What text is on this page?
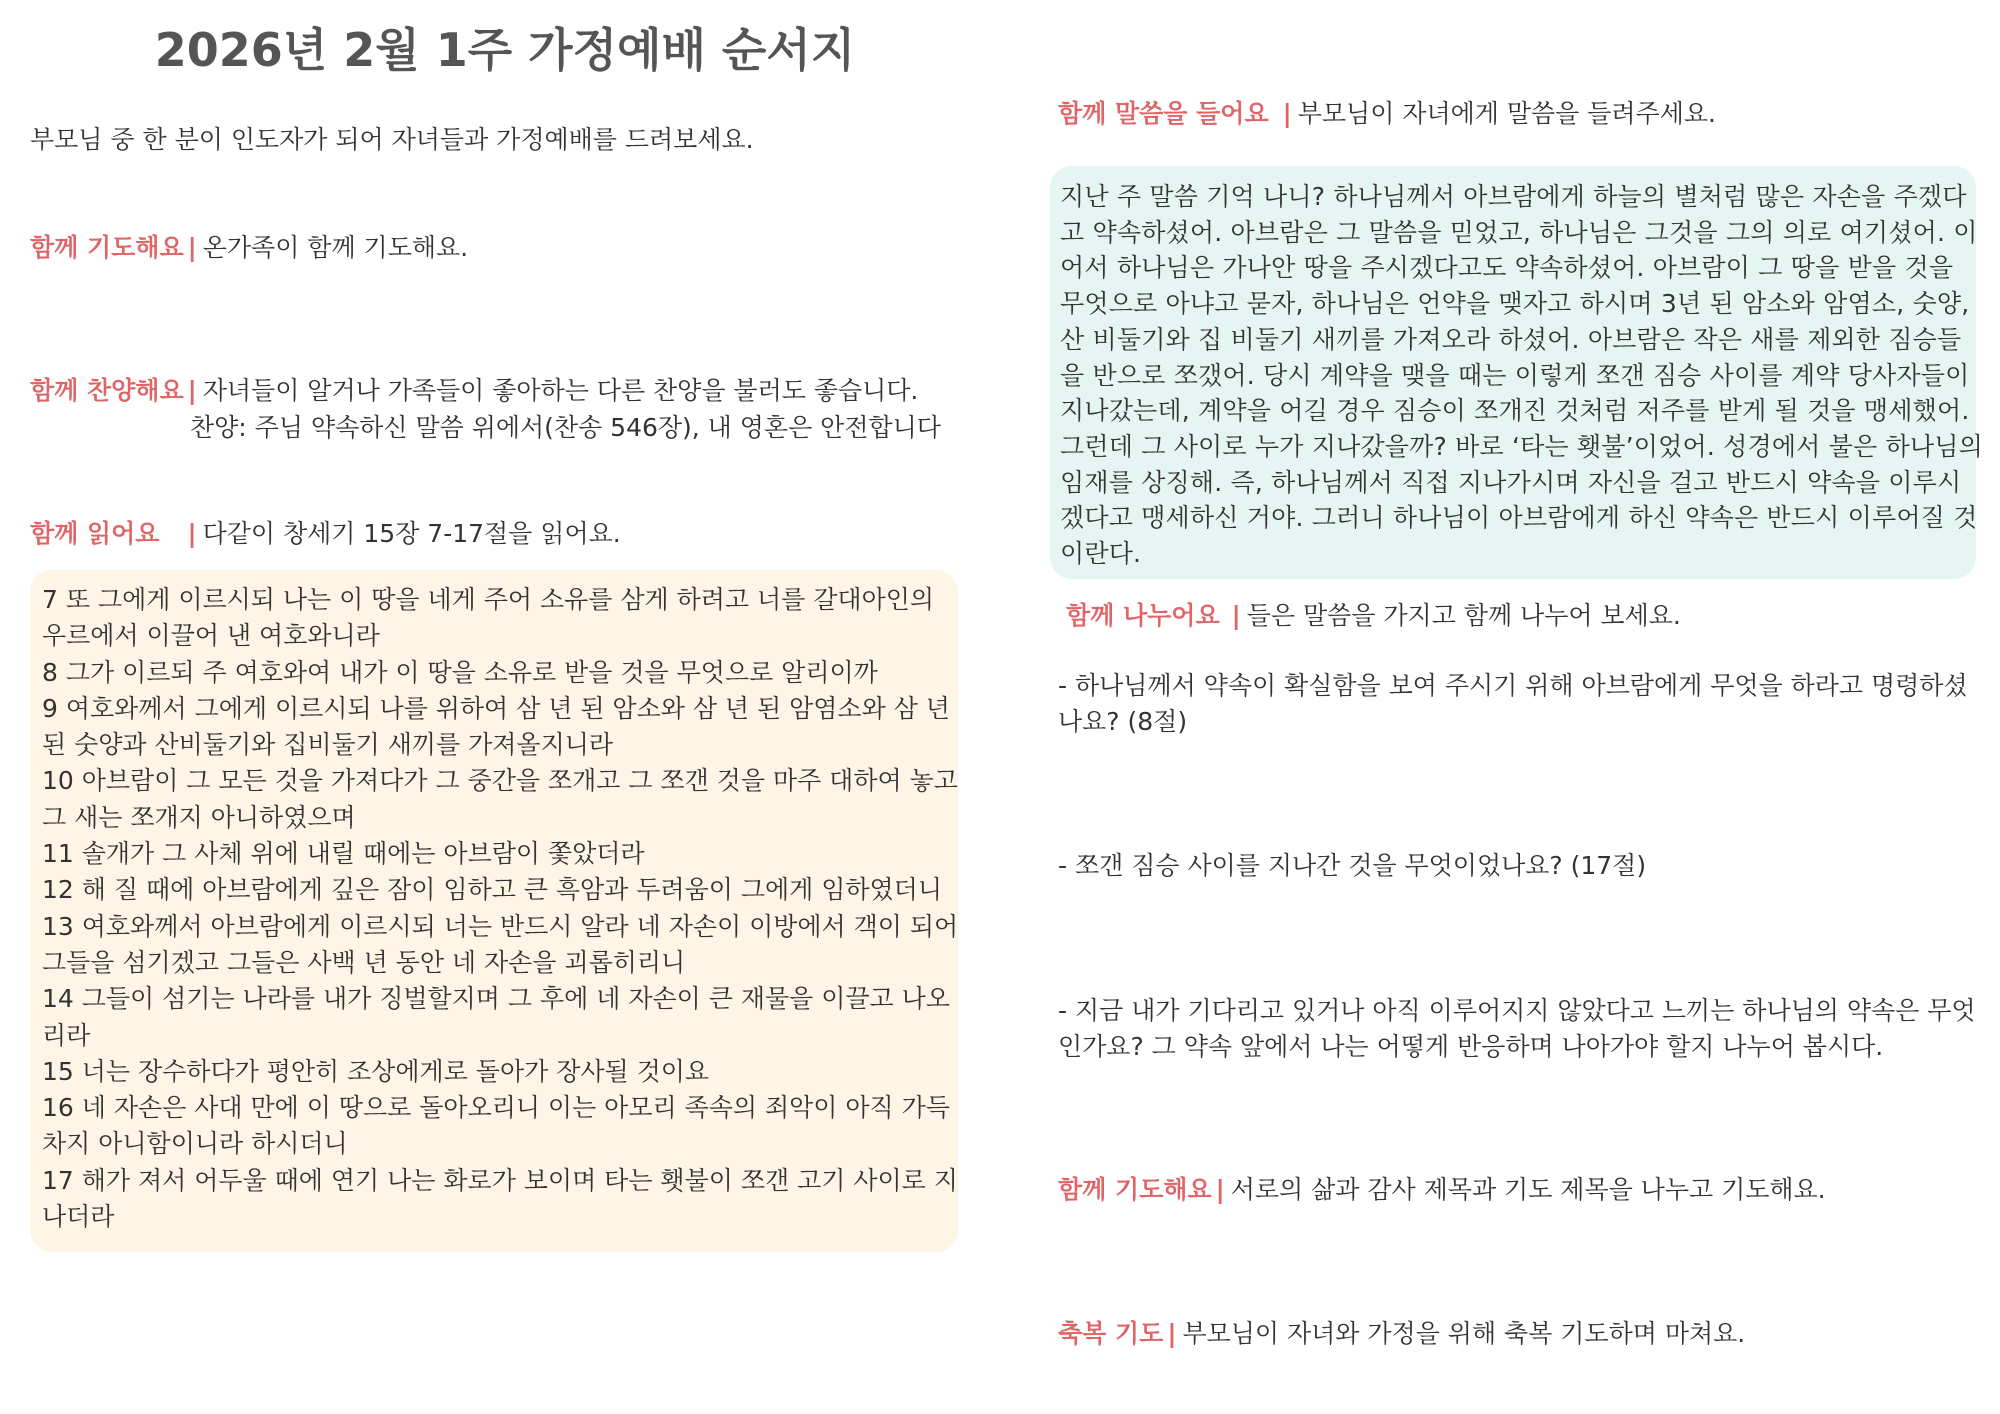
2026년 2월 1주 가정예배 순서지
부모님 중 한 분이 인도자가 되어 자녀들과 가정예배를 드려보세요.
함께 기도해요 | 온가족이 함께 기도해요.
함께 찬양해요 | 자녀들이 알거나 가족들이 좋아하는 다른 찬양을 불러도 좋습니다.
찬양: 주님 약속하신 말씀 위에서(찬송 546장), 내 영혼은 안전합니다
함께 읽어요 | 다같이 창세기 15장 7-17절을 읽어요.
7 또 그에게 이르시되 나는 이 땅을 네게 주어 소유를 삼게 하려고 너를 갈대아인의
우르에서 이끌어 낸 여호와니라
8 그가 이르되 주 여호와여 내가 이 땅을 소유로 받을 것을 무엇으로 알리이까
9 여호와께서 그에게 이르시되 나를 위하여 삼 년 된 암소와 삼 년 된 암염소와 삼 년
된 숫양과 산비둘기와 집비둘기 새끼를 가져올지니라
10 아브람이 그 모든 것을 가져다가 그 중간을 쪼개고 그 쪼갠 것을 마주 대하여 놓고
그 새는 쪼개지 아니하였으며
11 솔개가 그 사체 위에 내릴 때에는 아브람이 쫓았더라
12 해 질 때에 아브람에게 깊은 잠이 임하고 큰 흑암과 두려움이 그에게 임하였더니
13 여호와께서 아브람에게 이르시되 너는 반드시 알라 네 자손이 이방에서 객이 되어
그들을 섬기겠고 그들은 사백 년 동안 네 자손을 괴롭히리니
14 그들이 섬기는 나라를 내가 징벌할지며 그 후에 네 자손이 큰 재물을 이끌고 나오
리라
15 너는 장수하다가 평안히 조상에게로 돌아가 장사될 것이요
16 네 자손은 사대 만에 이 땅으로 돌아오리니 이는 아모리 족속의 죄악이 아직 가득
차지 아니함이니라 하시더니
17 해가 져서 어두울 때에 연기 나는 화로가 보이며 타는 횃불이 쪼갠 고기 사이로 지
나더라
함께 말씀을 들어요 | 부모님이 자녀에게 말씀을 들려주세요.
지난 주 말씀 기억 나니? 하나님께서 아브람에게 하늘의 별처럼 많은 자손을 주겠다
고 약속하셨어. 아브람은 그 말씀을 믿었고, 하나님은 그것을 그의 의로 여기셨어. 이
어서 하나님은 가나안 땅을 주시겠다고도 약속하셨어. 아브람이 그 땅을 받을 것을
무엇으로 아냐고 묻자, 하나님은 언약을 맺자고 하시며 3년 된 암소와 암염소, 숫양,
산 비둘기와 집 비둘기 새끼를 가져오라 하셨어. 아브람은 작은 새를 제외한 짐승들
을 반으로 쪼갰어. 당시 계약을 맺을 때는 이렇게 쪼갠 짐승 사이를 계약 당사자들이
지나갔는데, 계약을 어길 경우 짐승이 쪼개진 것처럼 저주를 받게 될 것을 맹세했어.
그런데 그 사이로 누가 지나갔을까? 바로 ‘타는 횃불’이었어. 성경에서 불은 하나님의
임재를 상징해. 즉, 하나님께서 직접 지나가시며 자신을 걸고 반드시 약속을 이루시
겠다고 맹세하신 거야. 그러니 하나님이 아브람에게 하신 약속은 반드시 이루어질 것
이란다.
함께 나누어요 | 들은 말씀을 가지고 함께 나누어 보세요.
- 하나님께서 약속이 확실함을 보여 주시기 위해 아브람에게 무엇을 하라고 명령하셨
나요? (8절)
- 쪼갠 짐승 사이를 지나간 것을 무엇이었나요? (17절)
- 지금 내가 기다리고 있거나 아직 이루어지지 않았다고 느끼는 하나님의 약속은 무엇
인가요? 그 약속 앞에서 나는 어떻게 반응하며 나아가야 할지 나누어 봅시다.
함께 기도해요 | 서로의 삶과 감사 제목과 기도 제목을 나누고 기도해요.
축복 기도 | 부모님이 자녀와 가정을 위해 축복 기도하며 마쳐요.
